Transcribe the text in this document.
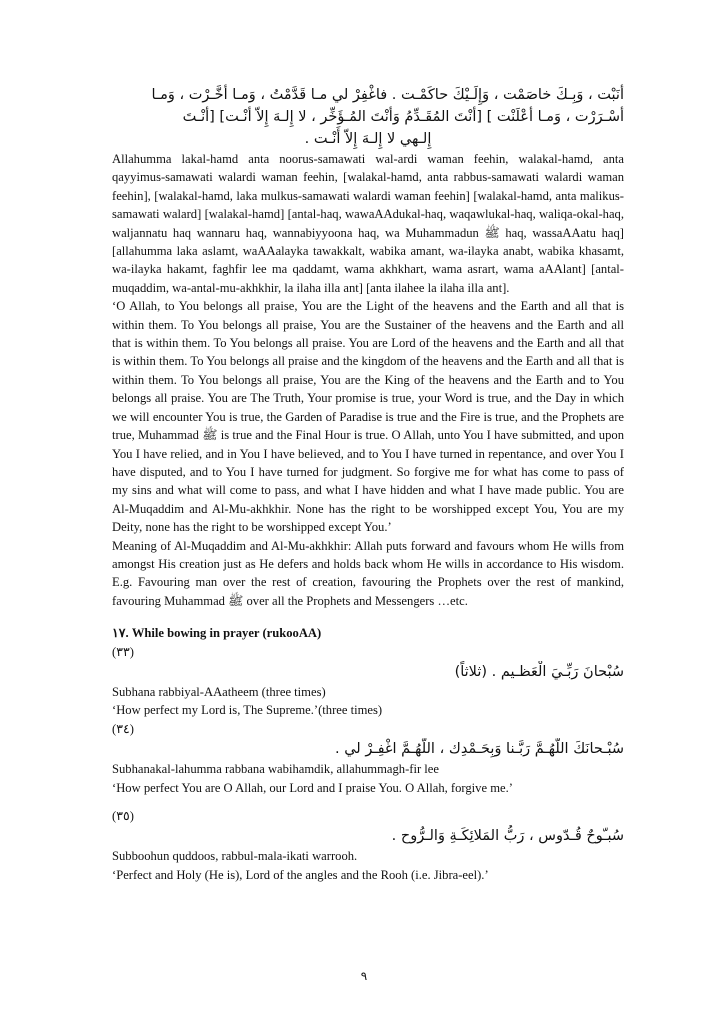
أَنَبْت ، وَبِـكَ خاصَمْت ، وَإِلَـيْكَ حاكَمْـت . فاغْفِرْ لي مـا قَدَّمْتُ ، وَمـا أَخَّـرْت ، وَمـا
أَسْـرَرْت ، وَمـا أَعْلَنْت ] [أَنْتَ المُقَـدِّمُ وَأَنْتَ المُـؤَخِّر ، لا إِلـهَ إِلاّ أَنْـت] [أَنْـتَ
إِلـهي لا إِلـهَ إِلاّ أَنْـت .

Allahumma lakal-hamd anta noorus-samawati wal-ardi waman feehin, walakal-hamd, anta qayyimus-samawati walardi waman feehin, [walakal-hamd, anta rabbus-samawati walardi waman feehin], [walakal-hamd, laka mulkus-samawati walardi waman feehin] [walakal-hamd, anta malikus-samawati walard] [walakal-hamd] [antal-haq, wawaAAdukal-haq, waqawlukal-haq, waliqa-okal-haq, waljannatu haq wannaru haq, wannabiyyoona haq, wa Muhammadun ﷺ haq, wassaAAatu haq] [allahumma laka aslamt, waAAalayka tawakkalt, wabika amant, wa-ilayka anabt, wabika khasamt, wa-ilayka hakamt, faghfir lee ma qaddamt, wama akhkhart, wama asrart, wama aAAlant] [antal-muqaddim, wa-antal-mu-akhkhir, la ilaha illa ant] [anta ilahee la ilaha illa ant].

‘O Allah, to You belongs all praise, You are the Light of the heavens and the Earth and all that is within them. To You belongs all praise, You are the Sustainer of the heavens and the Earth and all that is within them. To You belongs all praise. You are Lord of the heavens and the Earth and all that is within them. To You belongs all praise and the kingdom of the heavens and the Earth and all that is within them. To You belongs all praise, You are the King of the heavens and the Earth and to You belongs all praise. You are The Truth, Your promise is true, your Word is true, and the Day in which we will encounter You is true, the Garden of Paradise is true and the Fire is true, and the Prophets are true, Muhammad ﷺ is true and the Final Hour is true. O Allah, unto You I have submitted, and upon You I have relied, and in You I have believed, and to You I have turned in repentance, and over You I have disputed, and to You I have turned for judgment. So forgive me for what has come to pass of my sins and what will come to pass, and what I have hidden and what I have made public. You are Al-Muqaddim and Al-Mu-akhkhir. None has the right to be worshipped except You, You are my Deity, none has the right to be worshipped except You.’

Meaning of Al-Muqaddim and Al-Mu-akhkhir: Allah puts forward and favours whom He wills from amongst His creation just as He defers and holds back whom He wills in accordance to His wisdom. E.g. Favouring man over the rest of creation, favouring the Prophets over the rest of mankind, favouring Muhammad ﷺ over all the Prophets and Messengers …etc.

١٧. While bowing in prayer (rukooAA)

(٣٣)

سُبْحانَ رَبِّـيَ الْعَظـيم . (ثلاثاً)

Subhana rabbiyal-AAatheem (three times)

‘How perfect my Lord is, The Supreme.’(three times)

(٣٤)

سُبْـحانَكَ اللّهُـمَّ رَبَّـنا وَبِحَـمْدِك ، اللّهُـمَّ اغْفِـرْ لي .

Subhanakal-lahumma rabbana wabihamdik, allahummagh-fir lee

‘How perfect You are O Allah, our Lord and I praise You. O Allah, forgive me.’

(٣٥)

سُبـّوحٌ قُـدّوس ، رَبُّ المَلائِكَـةِ وَالـرُّوح .

Subboohun quddoos, rabbul-mala-ikati warrooh.

‘Perfect and Holy (He is), Lord of the angles and the Rooh (i.e. Jibra-eel).’

٩
